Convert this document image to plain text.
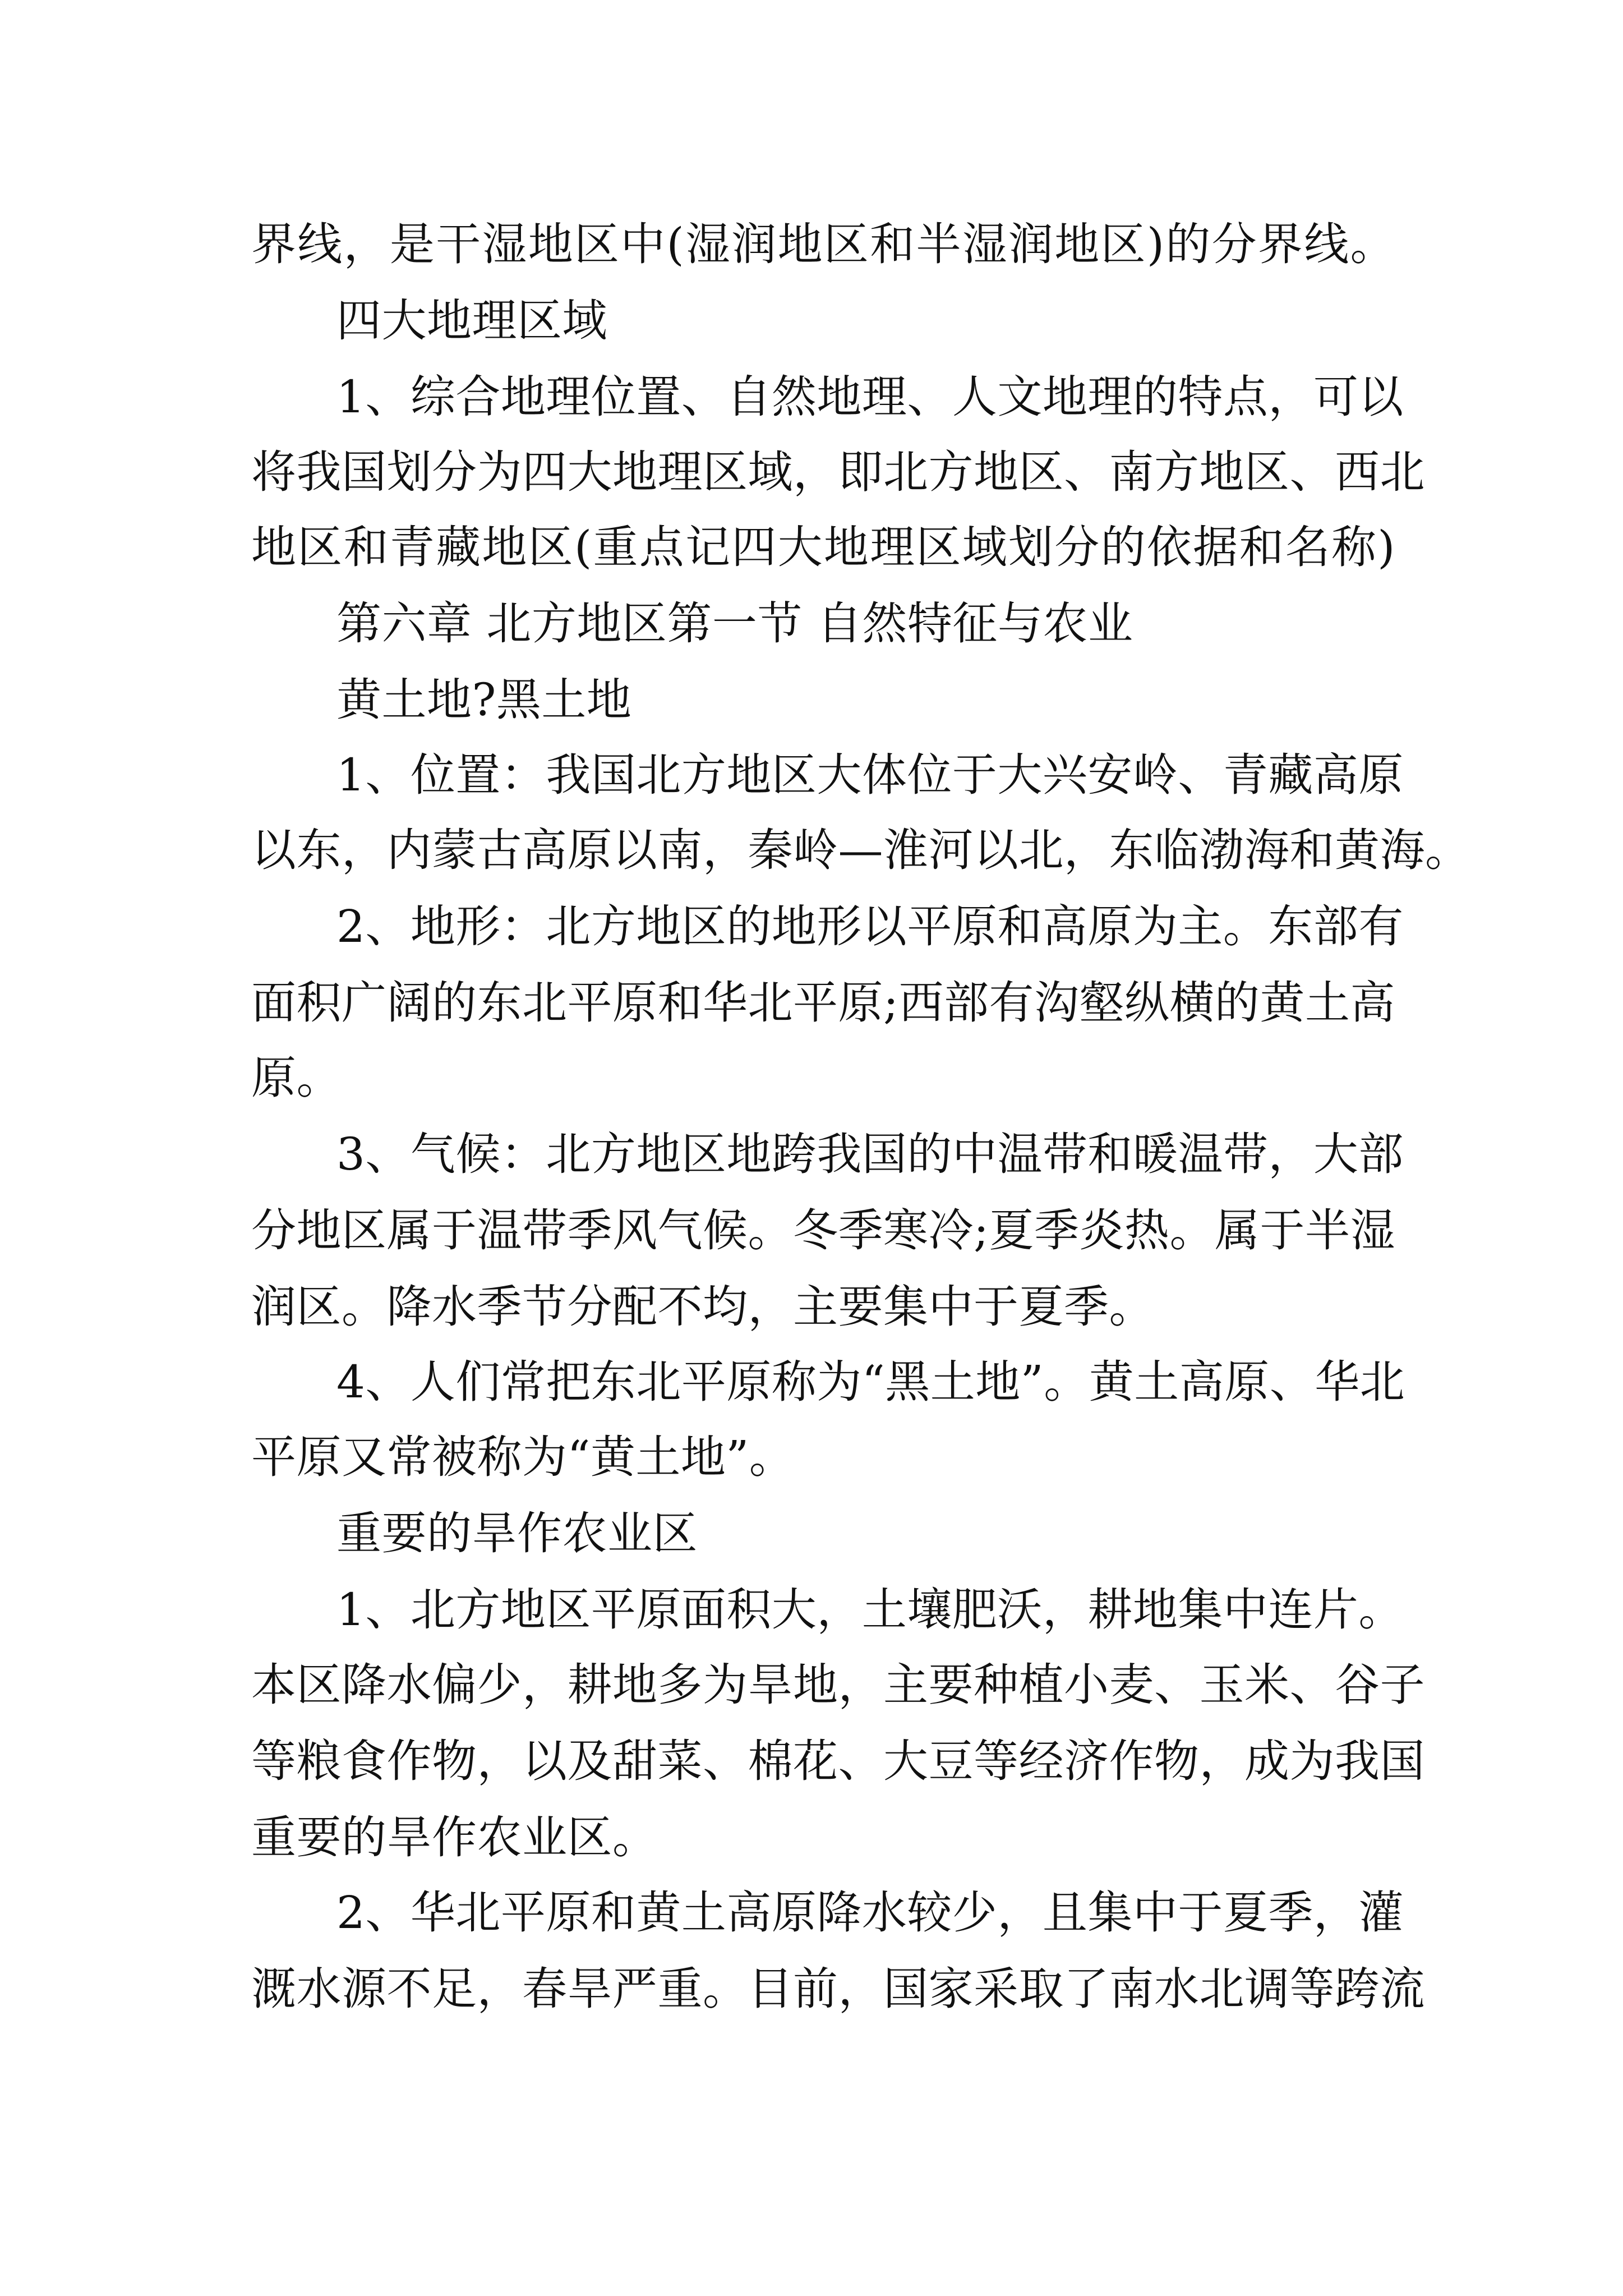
界线，是干湿地区中(湿润地区和半湿润地区)的分界线。
四大地理区域
1、综合地理位置、自然地理、人文地理的特点，可以
将我国划分为四大地理区域，即北方地区、南方地区、西北
地区和青藏地区(重点记四大地理区域划分的依据和名称)
第六章 北方地区第一节 自然特征与农业
黄土地?黑土地
1、位置：我国北方地区大体位于大兴安岭、青藏高原
以东，内蒙古高原以南，秦岭—淮河以北，东临渤海和黄海。
2、地形：北方地区的地形以平原和高原为主。东部有
面积广阔的东北平原和华北平原;西部有沟壑纵横的黄土高
原。
3、气候：北方地区地跨我国的中温带和暖温带，大部
分地区属于温带季风气候。冬季寒冷;夏季炎热。属于半湿
润区。降水季节分配不均，主要集中于夏季。
4、人们常把东北平原称为“黑土地”。黄土高原、华北
平原又常被称为“黄土地”。
重要的旱作农业区
1、北方地区平原面积大，土壤肥沃，耕地集中连片。
本区降水偏少，耕地多为旱地，主要种植小麦、玉米、谷子
等粮食作物，以及甜菜、棉花、大豆等经济作物，成为我国
重要的旱作农业区。
2、华北平原和黄土高原降水较少，且集中于夏季，灌
溉水源不足，春旱严重。目前，国家采取了南水北调等跨流
